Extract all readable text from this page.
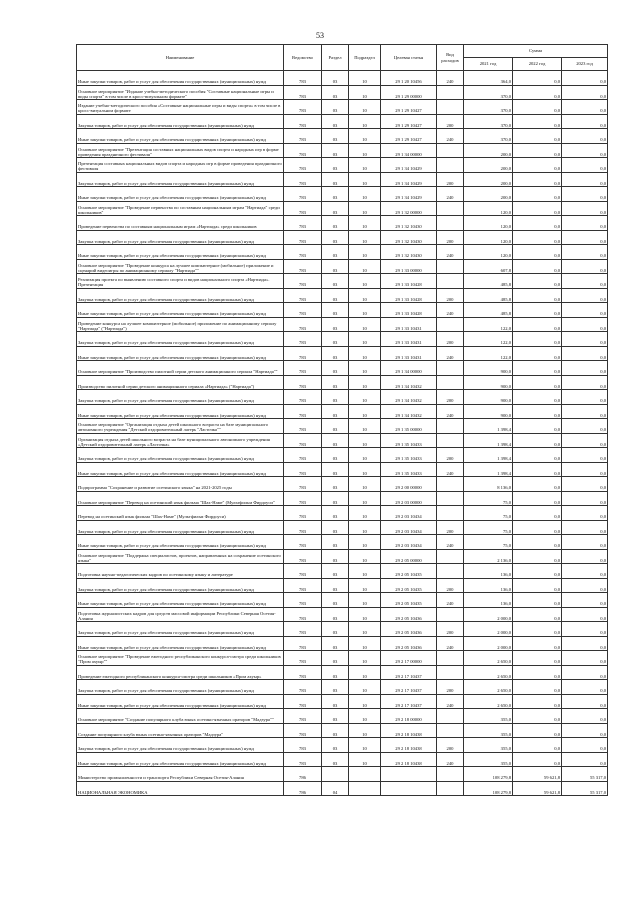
53
Наименование	Ведомство	Раздел	Подраздел	Целевая статья	Вид расходов	Сумма		
						2021 год	2022 год	2023 год
Иные закупки товаров, работ и услуг для обеспечения государственных (муниципальных) нужд	783	03	10	29 1 20 10456	240	364,0	0,0	0,0
Основное мероприятие "Издание учебно-методического пособия "Составные национальные игры и виды спорта" в том числе в кросс-визуальном формате"	783	03	10	29 1 29 00000		370,0	0,0	0,0
Издание учебно-методического пособия «Составные национальные игры и виды спорта» в том числе в кросс-визуальном формате	783	03	10	29 1 29 10427		370,0	0,0	0,0
Закупка товаров, работ и услуг для обеспечения государственных (муниципальных) нужд	783	03	10	29 1 29 10427	200	370,0	0,0	0,0
Иные закупки товаров, работ и услуг для обеспечения государственных (муниципальных) нужд	783	03	10	29 1 29 10427	240	370,0	0,0	0,0
Основное мероприятие "Презентация составных национальных видов спорта и народных игр в форме проведения праздничного фестиваля"	783	03	10	29 1 34 00000		200,0	0,0	0,0
Презентация составных национальных видов спорта и народных игр в форме проведения праздничного фестиваля	783	03	10	29 1 34 10429		200,0	0,0	0,0
Закупка товаров, работ и услуг для обеспечения государственных (муниципальных) нужд	783	03	10	29 1 34 10429	200	200,0	0,0	0,0
Иные закупки товаров, работ и услуг для обеспечения государственных (муниципальных) нужд	783	03	10	29 1 34 10429	240	200,0	0,0	0,0
Основное мероприятие "Проведение первенства по составным национальным играм "Нартиада" среди школьников"	783	03	10	29 1 32 00000		120,0	0,0	0,0
Проведение первенства по составным национальным играм «Нартиада» среди школьников	783	03	10	29 1 32 10430		120,0	0,0	0,0
Закупка товаров, работ и услуг для обеспечения государственных (муниципальных) нужд	783	03	10	29 1 32 10430	200	120,0	0,0	0,0
Иные закупки товаров, работ и услуг для обеспечения государственных (муниципальных) нужд	783	03	10	29 1 32 10430	240	120,0	0,0	0,0
Основное мероприятие "Проведение конкурса на лучшее компьютерное (мобильное) приложение и сценарий видеоигры по анимационному сериалу "Нартиада""	783	03	10	29 1 33 00000		607,8	0,0	0,0
Реализация проекта по выявлению составного спорта и видов национального спорта «Нартиада». Презентация	783	03	10	29 1 33 10428		485,8	0,0	0,0
Закупка товаров, работ и услуг для обеспечения государственных (муниципальных) нужд	783	03	10	29 1 33 10428	200	485,8	0,0	0,0
Иные закупки товаров, работ и услуг для обеспечения государственных (муниципальных) нужд	783	03	10	29 1 33 10428	240	485,8	0,0	0,0
Проведение конкурса на лучшее компьютерное (мобильное) приложение по анимационному сериалу "Нартиада" ("Нартиада")	783	03	10	29 1 33 10431		122,0	0,0	0,0
Закупка товаров, работ и услуг для обеспечения государственных (муниципальных) нужд	783	03	10	29 1 33 10431	200	122,0	0,0	0,0
Иные закупки товаров, работ и услуг для обеспечения государственных (муниципальных) нужд	783	03	10	29 1 33 10431	240	122,0	0,0	0,0
Основное мероприятие "Производство пилотной серии детского анимационного сериала "Нартиада""	783	03	10	29 1 34 00000		900,0	0,0	0,0
Производство пилотной серии детского анимационного сериала «Нартиада» ("Нартиада")	783	03	10	29 1 34 10432		900,0	0,0	0,0
Закупка товаров, работ и услуг для обеспечения государственных (муниципальных) нужд	783	03	10	29 1 34 10432	200	900,0	0,0	0,0
Иные закупки товаров, работ и услуг для обеспечения государственных (муниципальных) нужд	783	03	10	29 1 34 10432	240	900,0	0,0	0,0
Основное мероприятие "Организация отдыха детей школьного возраста на базе муниципального автономного учреждения "Детский оздоровительный лагерь "Ласточка""	783	03	10	29 1 35 00000		1 398,4	0,0	0,0
Организация отдыха детей школьного возраста на базе муниципального автономного учреждения «Детский оздоровительный лагерь «Ласточка»	783	03	10	29 1 35 10433		1 398,4	0,0	0,0
Закупка товаров, работ и услуг для обеспечения государственных (муниципальных) нужд	783	03	10	29 1 35 10433	200	1 398,4	0,0	0,0
Иные закупки товаров, работ и услуг для обеспечения государственных (муниципальных) нужд	783	03	10	29 1 35 10433	240	1 398,4	0,0	0,0
Подпрограмма "Сохранение и развитие осетинского языка" на 2021-2025 годы	783	03	10	29 2 00 00000		8 136,0	0,0	0,0
Основное мероприятие "Перевод на осетинский язык фильма "Шах-Наме" (Мультфильм Фирдоуси"	783	03	10	29 2 03 00000		75,0	0,0	0,0
Перевод на осетинский язык фильма "Шах-Наме" (Мультфильм Фирдоуси)	783	03	10	29 2 03 10434		75,0	0,0	0,0
Закупка товаров, работ и услуг для обеспечения государственных (муниципальных) нужд	783	03	10	29 2 03 10434	200	75,0	0,0	0,0
Иные закупки товаров, работ и услуг для обеспечения государственных (муниципальных) нужд	783	03	10	29 2 03 10434	240	75,0	0,0	0,0
Основное мероприятие "Поддержка специалистов, проектов, направленных на сохранение осетинского языка"	783	03	10	29 2 05 00000		2 136,0	0,0	0,0
Подготовка научно-педагогических кадров по осетинскому языку и литературе	783	03	10	29 2 05 10435		136,0	0,0	0,0
Закупка товаров, работ и услуг для обеспечения государственных (муниципальных) нужд	783	03	10	29 2 05 10435	200	136,0	0,0	0,0
Иные закупки товаров, работ и услуг для обеспечения государственных (муниципальных) нужд	783	03	10	29 2 05 10435	240	136,0	0,0	0,0
Подготовка журналистских кадров для средств массовой информации Республики Северная Осетия-Алания	783	03	10	29 2 05 10436		2 000,0	0,0	0,0
Закупка товаров, работ и услуг для обеспечения государственных (муниципальных) нужд	783	03	10	29 2 05 10436	200	2 000,0	0,0	0,0
Иные закупки товаров, работ и услуг для обеспечения государственных (муниципальных) нужд	783	03	10	29 2 05 10436	240	2 000,0	0,0	0,0
Основное мероприятие "Проведение ежегодного республиканского конкурса-смотра среди школьников "Пром ахуыр""	783	03	10	29 2 17 00000		2 650,0	0,0	0,0
Проведение ежегодного республиканского конкурса-смотра среди школьников «Пром ахуыр»	783	03	10	29 2 17 10437		2 650,0	0,0	0,0
Закупка товаров, работ и услуг для обеспечения государственных (муниципальных) нужд	783	03	10	29 2 17 10437	200	2 650,0	0,0	0,0
Иные закупки товаров, работ и услуг для обеспечения государственных (муниципальных) нужд	783	03	10	29 2 17 10437	240	2 650,0	0,0	0,0
Основное мероприятие "Создание популярного клуба юных осетино-язычных ораторов "Мадзура""	783	03	10	29 2 18 00000		355,0	0,0	0,0
Создание популярного клуба юных осетино-язычных ораторов "Мадзура"	783	03	10	29 2 18 10438		355,0	0,0	0,0
Закупка товаров, работ и услуг для обеспечения государственных (муниципальных) нужд	783	03	10	29 2 18 10438	200	355,0	0,0	0,0
Иные закупки товаров, работ и услуг для обеспечения государственных (муниципальных) нужд	783	03	10	29 2 18 10438	240	355,0	0,0	0,0
Министерство промышленности и транспорта Республики Северная Осетия-Алания	786					108 279,8	59 621,8	55 317,0
НАЦИОНАЛЬНАЯ ЭКОНОМИКА	786	04				108 279,8	59 621,8	55 317,0
